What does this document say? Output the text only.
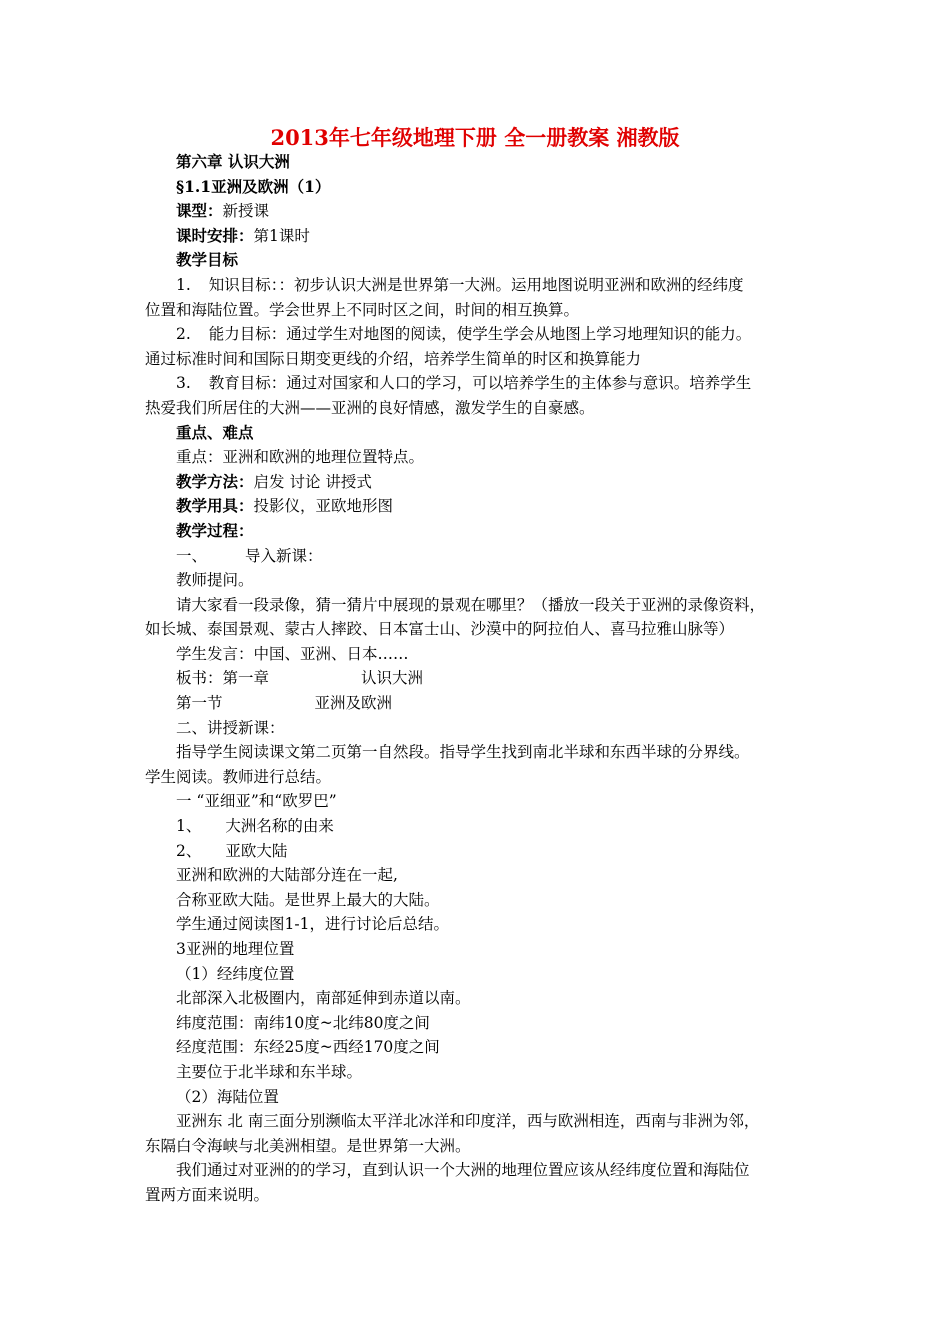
2013年七年级地理下册 全一册教案 湘教版

第六章 认识大洲

§1.1亚洲及欧洲（1）

课型：新授课

课时安排：第1课时

教学目标

1. 知识目标：：初步认识大洲是世界第一大洲。运用地图说明亚洲和欧洲的经纬度

位置和海陆位置。学会世界上不同时区之间，时间的相互换算。

2. 能力目标：通过学生对地图的阅读，使学生学会从地图上学习地理知识的能力。

通过标准时间和国际日期变更线的介绍，培养学生简单的时区和换算能力

3. 教育目标：通过对国家和人口的学习，可以培养学生的主体参与意识。培养学生

热爱我们所居住的大洲——亚洲的良好情感，激发学生的自豪感。

重点、难点

重点：亚洲和欧洲的地理位置特点。

教学方法：启发 讨论 讲授式

教学用具：投影仪，亚欧地形图

教学过程：

一、 导入新课：

教师提问。

请大家看一段录像，猜一猜片中展现的景观在哪里？（播放一段关于亚洲的录像资料，

如长城、泰国景观、蒙古人摔跤、日本富士山、沙漠中的阿拉伯人、喜马拉雅山脉等）

学生发言：中国、亚洲、日本……

板书：第一章	认识大洲

第一节	亚洲及欧洲

二、讲授新课：

指导学生阅读课文第二页第一自然段。指导学生找到南北半球和东西半球的分界线。

学生阅读。教师进行总结。

一 “亚细亚”和“欧罗巴”

1、 大洲名称的由来

2、 亚欧大陆

亚洲和欧洲的大陆部分连在一起,

合称亚欧大陆。是世界上最大的大陆。

学生通过阅读图1-1，进行讨论后总结。

3亚洲的地理位置

（1）经纬度位置

北部深入北极圈内，南部延伸到赤道以南。

纬度范围：南纬10度~北纬80度之间

经度范围：东经25度~西经170度之间

主要位于北半球和东半球。

（2）海陆位置

亚洲东 北 南三面分别濒临太平洋北冰洋和印度洋，西与欧洲相连，西南与非洲为邻，

东隔白令海峡与北美洲相望。是世界第一大洲。

我们通过对亚洲的的学习，直到认识一个大洲的地理位置应该从经纬度位置和海陆位

置两方面来说明。
